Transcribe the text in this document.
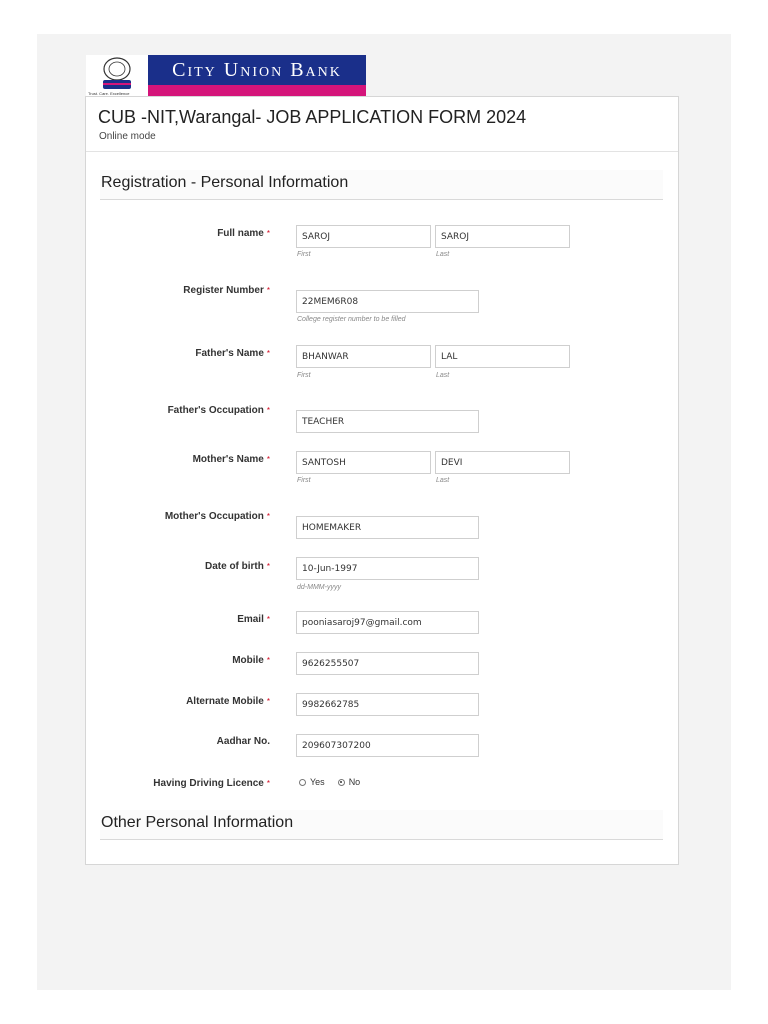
Trust. Care. Excellence
City Union Bank
CUB -NIT,Warangal- JOB APPLICATION FORM 2024
Online mode
Registration - Personal Information
Full name *
SAROJ
SAROJ
First	Last
Register Number *
22MEM6R08
College register number to be filled
Father's Name *
BHANWAR
LAL
First	Last
Father's Occupation *
TEACHER
Mother's Name *
SANTOSH
DEVI
First	Last
Mother's Occupation *
HOMEMAKER
Date of birth *
10-Jun-1997
dd-MMM-yyyy
Email *
pooniasaroj97@gmail.com
Mobile *
9626255507
Alternate Mobile *
9982662785
Aadhar No.
209607307200
Having Driving Licence *	Yes	No
Other Personal Information
